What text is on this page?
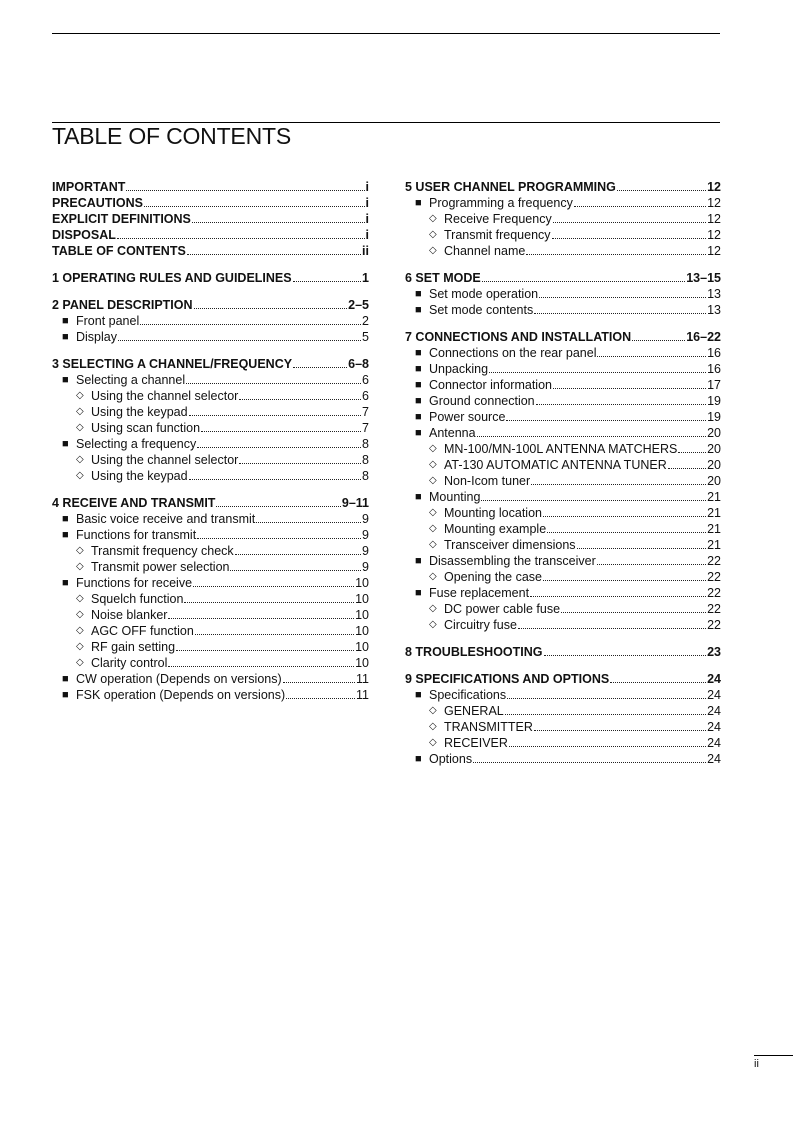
TABLE OF CONTENTS
IMPORTANT	i
PRECAUTIONS	i
EXPLICIT DEFINITIONS	i
DISPOSAL	i
TABLE OF CONTENTS	ii
1 OPERATING RULES AND GUIDELINES	1
2 PANEL DESCRIPTION	2–5
■ Front panel	2
■ Display	5
3 SELECTING A CHANNEL/FREQUENCY	6–8
■ Selecting a channel	6
◇ Using the channel selector	6
◇ Using the keypad	7
◇ Using scan function	7
■ Selecting a frequency	8
◇ Using the channel selector	8
◇ Using the keypad	8
4 RECEIVE AND TRANSMIT	9–11
■ Basic voice receive and transmit	9
■ Functions for transmit	9
◇ Transmit frequency check	9
◇ Transmit power selection	9
■ Functions for receive	10
◇ Squelch function	10
◇ Noise blanker	10
◇ AGC OFF function	10
◇ RF gain setting	10
◇ Clarity control	10
■ CW operation (Depends on versions)	11
■ FSK operation (Depends on versions)	11
5 USER CHANNEL PROGRAMMING	12
■ Programming a frequency	12
◇ Receive Frequency	12
◇ Transmit frequency	12
◇ Channel name	12
6 SET MODE	13–15
■ Set mode operation	13
■ Set mode contents	13
7 CONNECTIONS AND INSTALLATION	16–22
■ Connections on the rear panel	16
■ Unpacking	16
■ Connector information	17
■ Ground connection	19
■ Power source	19
■ Antenna	20
◇ MN-100/MN-100L ANTENNA MATCHERS 20
◇ AT-130 AUTOMATIC ANTENNA TUNER	20
◇ Non-Icom tuner	20
■ Mounting	21
◇ Mounting location	21
◇ Mounting example	21
◇ Transceiver dimensions	21
■ Disassembling the transceiver	22
◇ Opening the case	22
■ Fuse replacement	22
◇ DC power cable fuse	22
◇ Circuitry fuse	22
8 TROUBLESHOOTING	23
9 SPECIFICATIONS AND OPTIONS	24
■ Specifications	24
◇ GENERAL	24
◇ TRANSMITTER	24
◇ RECEIVER	24
■ Options	24
ii
